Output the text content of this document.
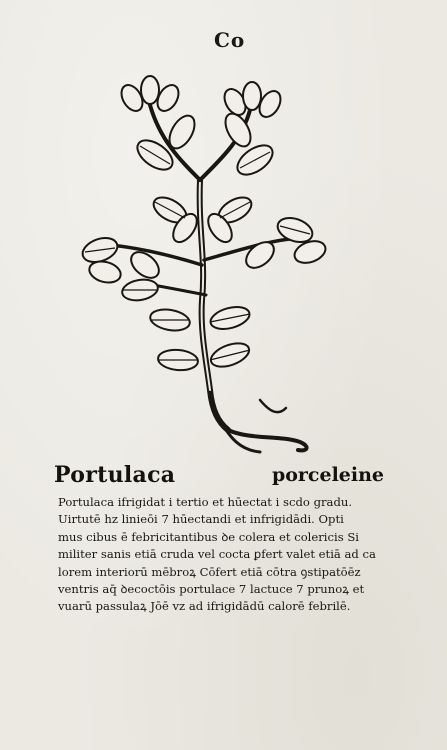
Co
Portulaca	porceleine
Portulaca ifrigidat i tertio et hūectat i scdo gradu.
Uirtutē hz linieōi 7 hūectandi et infrigidādi. Opti
mus cibus ē febricitantibus ꝺe colera et colericis Si
militer sanis etiā cruda vel cocta ꝑfert valet etiā ad ca
lorem interiorū mēbroꝝ Cōfert etiā cōtra ꝯstipatōēz
ventris aq̄ ꝺecoctōis portulace 7 lactuce 7 prunoꝝ et
vuarū passulaꝝ Jōē vz ad ifrigidādū calorē febrilē.
